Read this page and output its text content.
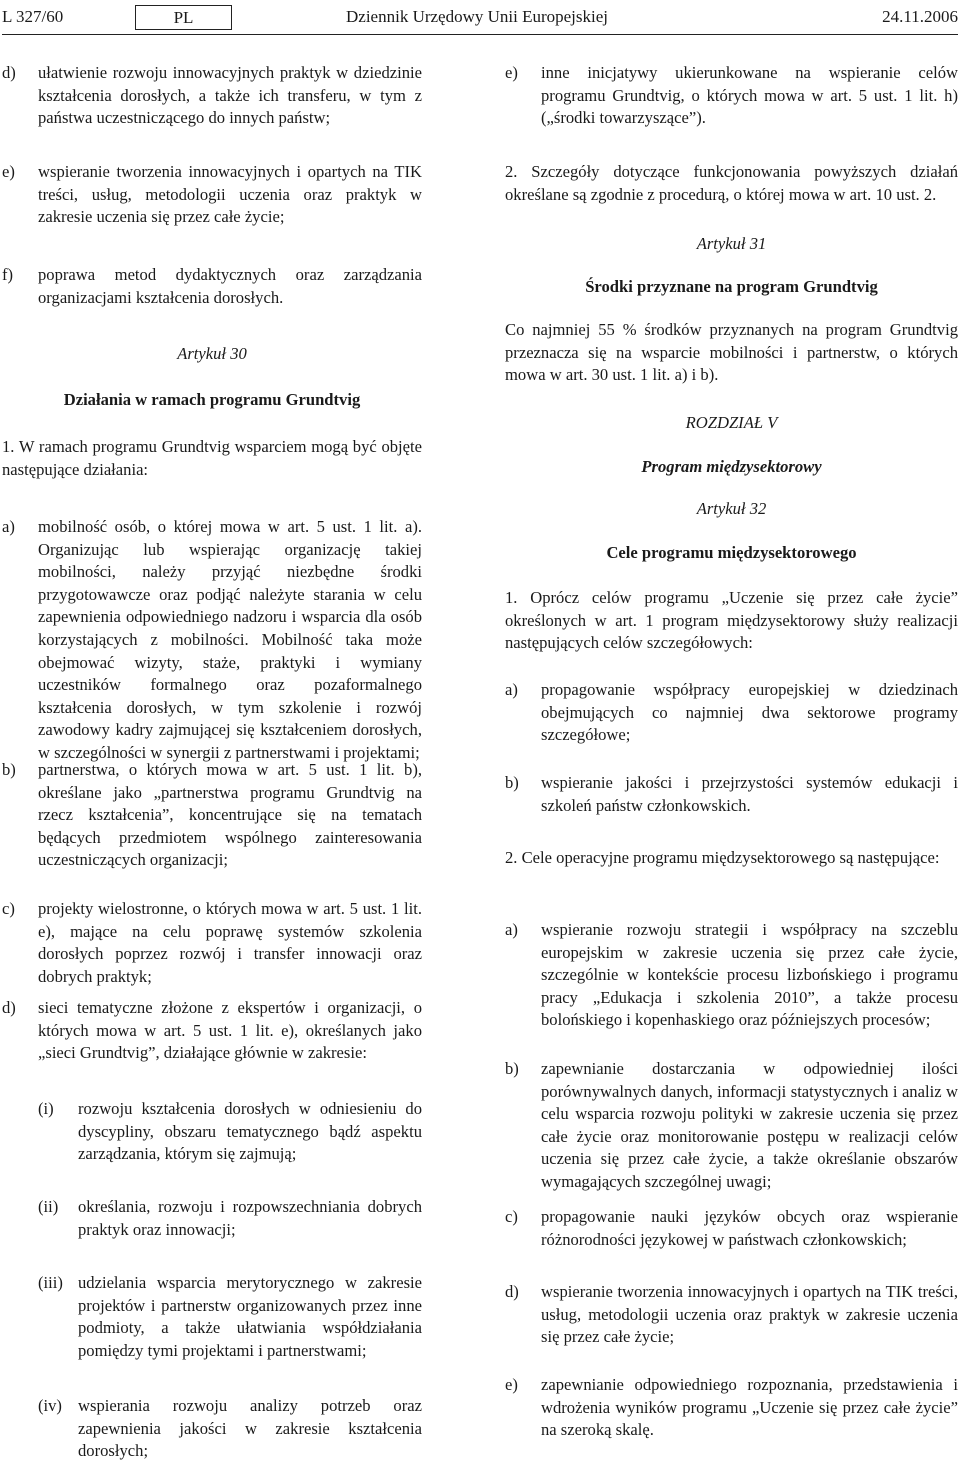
L 327/60	PL	Dziennik Urzędowy Unii Europejskiej	24.11.2006
d) ułatwienie rozwoju innowacyjnych praktyk w dziedzinie kształcenia dorosłych, a także ich transferu, w tym z państwa uczestniczącego do innych państw;
e) wspieranie tworzenia innowacyjnych i opartych na TIK treści, usług, metodologii uczenia oraz praktyk w zakresie uczenia się przez całe życie;
f) poprawa metod dydaktycznych oraz zarządzania organizacjami kształcenia dorosłych.
Artykuł 30
Działania w ramach programu Grundtvig
1. W ramach programu Grundtvig wsparciem mogą być objęte następujące działania:
a) mobilność osób, o której mowa w art. 5 ust. 1 lit. a). Organizując lub wspierając organizację takiej mobilności, należy przyjąć niezbędne środki przygotowawcze oraz podjąć należyte starania w celu zapewnienia odpowiedniego nadzoru i wsparcia dla osób korzystających z mobilności. Mobilność taka może obejmować wizyty, staże, praktyki i wymiany uczestników formalnego oraz pozaformalnego kształcenia dorosłych, w tym szkolenie i rozwój zawodowy kadry zajmującej się kształceniem dorosłych, w szczególności w synergii z partnerstwami i projektami;
b) partnerstwa, o których mowa w art. 5 ust. 1 lit. b), określane jako „partnerstwa programu Grundtvig na rzecz kształcenia”, koncentrujące się na tematach będących przedmiotem wspólnego zainteresowania uczestniczących organizacji;
c) projekty wielostronne, o których mowa w art. 5 ust. 1 lit. e), mające na celu poprawę systemów szkolenia dorosłych poprzez rozwój i transfer innowacji oraz dobrych praktyk;
d) sieci tematyczne złożone z ekspertów i organizacji, o których mowa w art. 5 ust. 1 lit. e), określanych jako „sieci Grundtvig”, działające głównie w zakresie:
(i) rozwoju kształcenia dorosłych w odniesieniu do dyscypliny, obszaru tematycznego bądź aspektu zarządzania, którym się zajmują;
(ii) określania, rozwoju i rozpowszechniania dobrych praktyk oraz innowacji;
(iii) udzielania wsparcia merytorycznego w zakresie projektów i partnerstw organizowanych przez inne podmioty, a także ułatwiania współdziałania pomiędzy tymi projektami i partnerstwami;
(iv) wspierania rozwoju analizy potrzeb oraz zapewnienia jakości w zakresie kształcenia dorosłych;
e) inne inicjatywy ukierunkowane na wspieranie celów programu Grundtvig, o których mowa w art. 5 ust. 1 lit. h) („środki towarzyszące”).
2. Szczegóły dotyczące funkcjonowania powyższych działań określane są zgodnie z procedurą, o której mowa w art. 10 ust. 2.
Artykuł 31
Środki przyznane na program Grundtvig
Co najmniej 55 % środków przyznanych na program Grundtvig przeznacza się na wsparcie mobilności i partnerstw, o których mowa w art. 30 ust. 1 lit. a) i b).
ROZDZIAŁ V
Program międzysektorowy
Artykuł 32
Cele programu międzysektorowego
1. Oprócz celów programu „Uczenie się przez całe życie” określonych w art. 1 program międzysektorowy służy realizacji następujących celów szczegółowych:
a) propagowanie współpracy europejskiej w dziedzinach obejmujących co najmniej dwa sektorowe programy szczegółowe;
b) wspieranie jakości i przejrzystości systemów edukacji i szkoleń państw członkowskich.
2. Cele operacyjne programu międzysektorowego są następujące:
a) wspieranie rozwoju strategii i współpracy na szczeblu europejskim w zakresie uczenia się przez całe życie, szczególnie w kontekście procesu lizbońskiego i programu pracy „Edukacja i szkolenia 2010”, a także procesu bolońskiego i kopenhaskiego oraz późniejszych procesów;
b) zapewnianie dostarczania w odpowiedniej ilości porównywalnych danych, informacji statystycznych i analiz w celu wsparcia rozwoju polityki w zakresie uczenia się przez całe życie oraz monitorowanie postępu w realizacji celów uczenia się przez całe życie, a także określanie obszarów wymagających szczególnej uwagi;
c) propagowanie nauki języków obcych oraz wspieranie różnorodności językowej w państwach członkowskich;
d) wspieranie tworzenia innowacyjnych i opartych na TIK treści, usług, metodologii uczenia oraz praktyk w zakresie uczenia się przez całe życie;
e) zapewnianie odpowiedniego rozpoznania, przedstawienia i wdrożenia wyników programu „Uczenie się przez całe życie” na szeroką skalę.
